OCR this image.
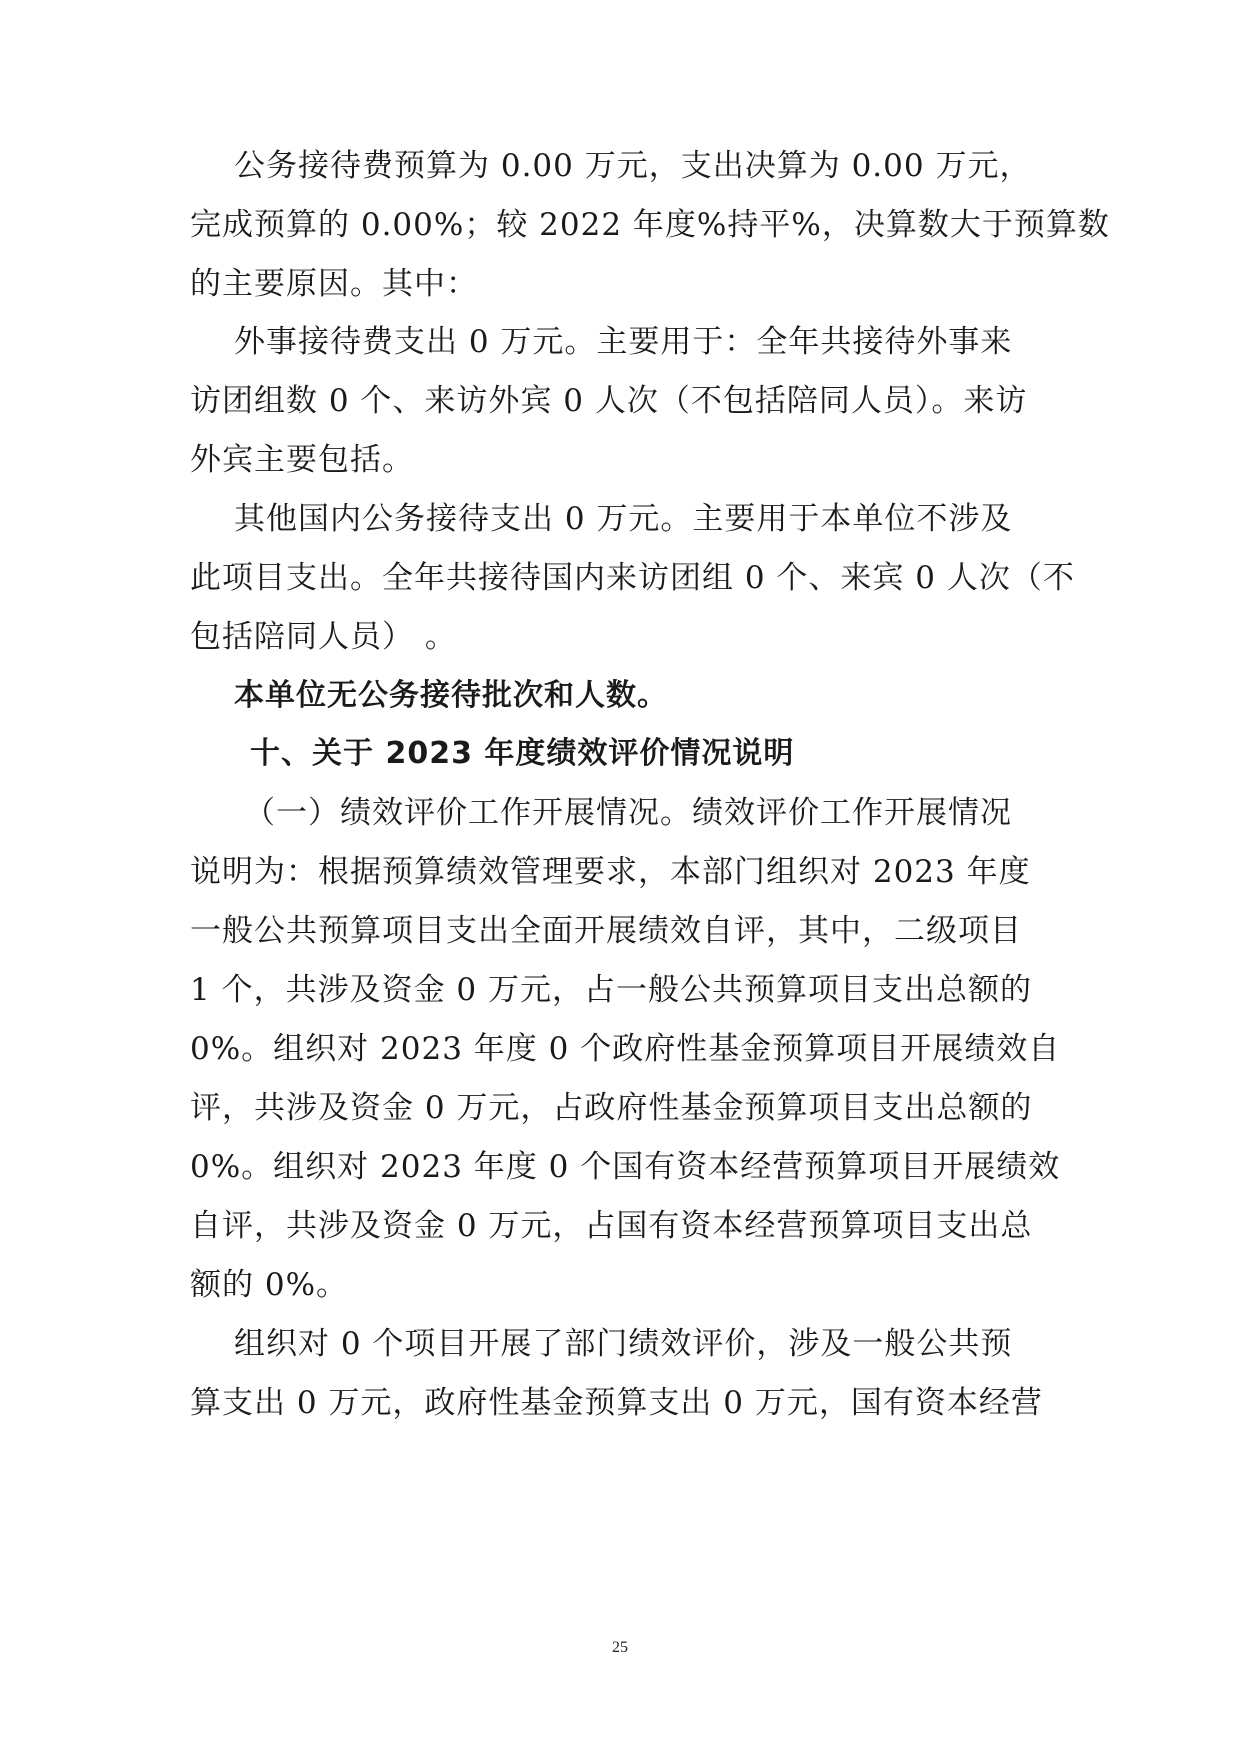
公务接待费预算为 0.00 万元，支出决算为 0.00 万元，
完成预算的 0.00%；较 2022 年度%持平%，决算数大于预算数
的主要原因。其中：
外事接待费支出 0 万元。主要用于：全年共接待外事来
访团组数 0 个、来访外宾 0 人次（不包括陪同人员）。来访
外宾主要包括。
其他国内公务接待支出 0 万元。主要用于本单位不涉及
此项目支出。全年共接待国内来访团组 0 个、来宾 0 人次（不
包括陪同人员） 。
本单位无公务接待批次和人数。
十、关于 2023 年度绩效评价情况说明
（一）绩效评价工作开展情况。绩效评价工作开展情况
说明为：根据预算绩效管理要求，本部门组织对 2023 年度
一般公共预算项目支出全面开展绩效自评，其中，二级项目
1 个，共涉及资金 0 万元，占一般公共预算项目支出总额的
0%。组织对 2023 年度 0 个政府性基金预算项目开展绩效自
评，共涉及资金 0 万元，占政府性基金预算项目支出总额的
0%。组织对 2023 年度 0 个国有资本经营预算项目开展绩效
自评，共涉及资金 0 万元，占国有资本经营预算项目支出总
额的 0%。
组织对 0 个项目开展了部门绩效评价，涉及一般公共预
算支出 0 万元，政府性基金预算支出 0 万元，国有资本经营
25
